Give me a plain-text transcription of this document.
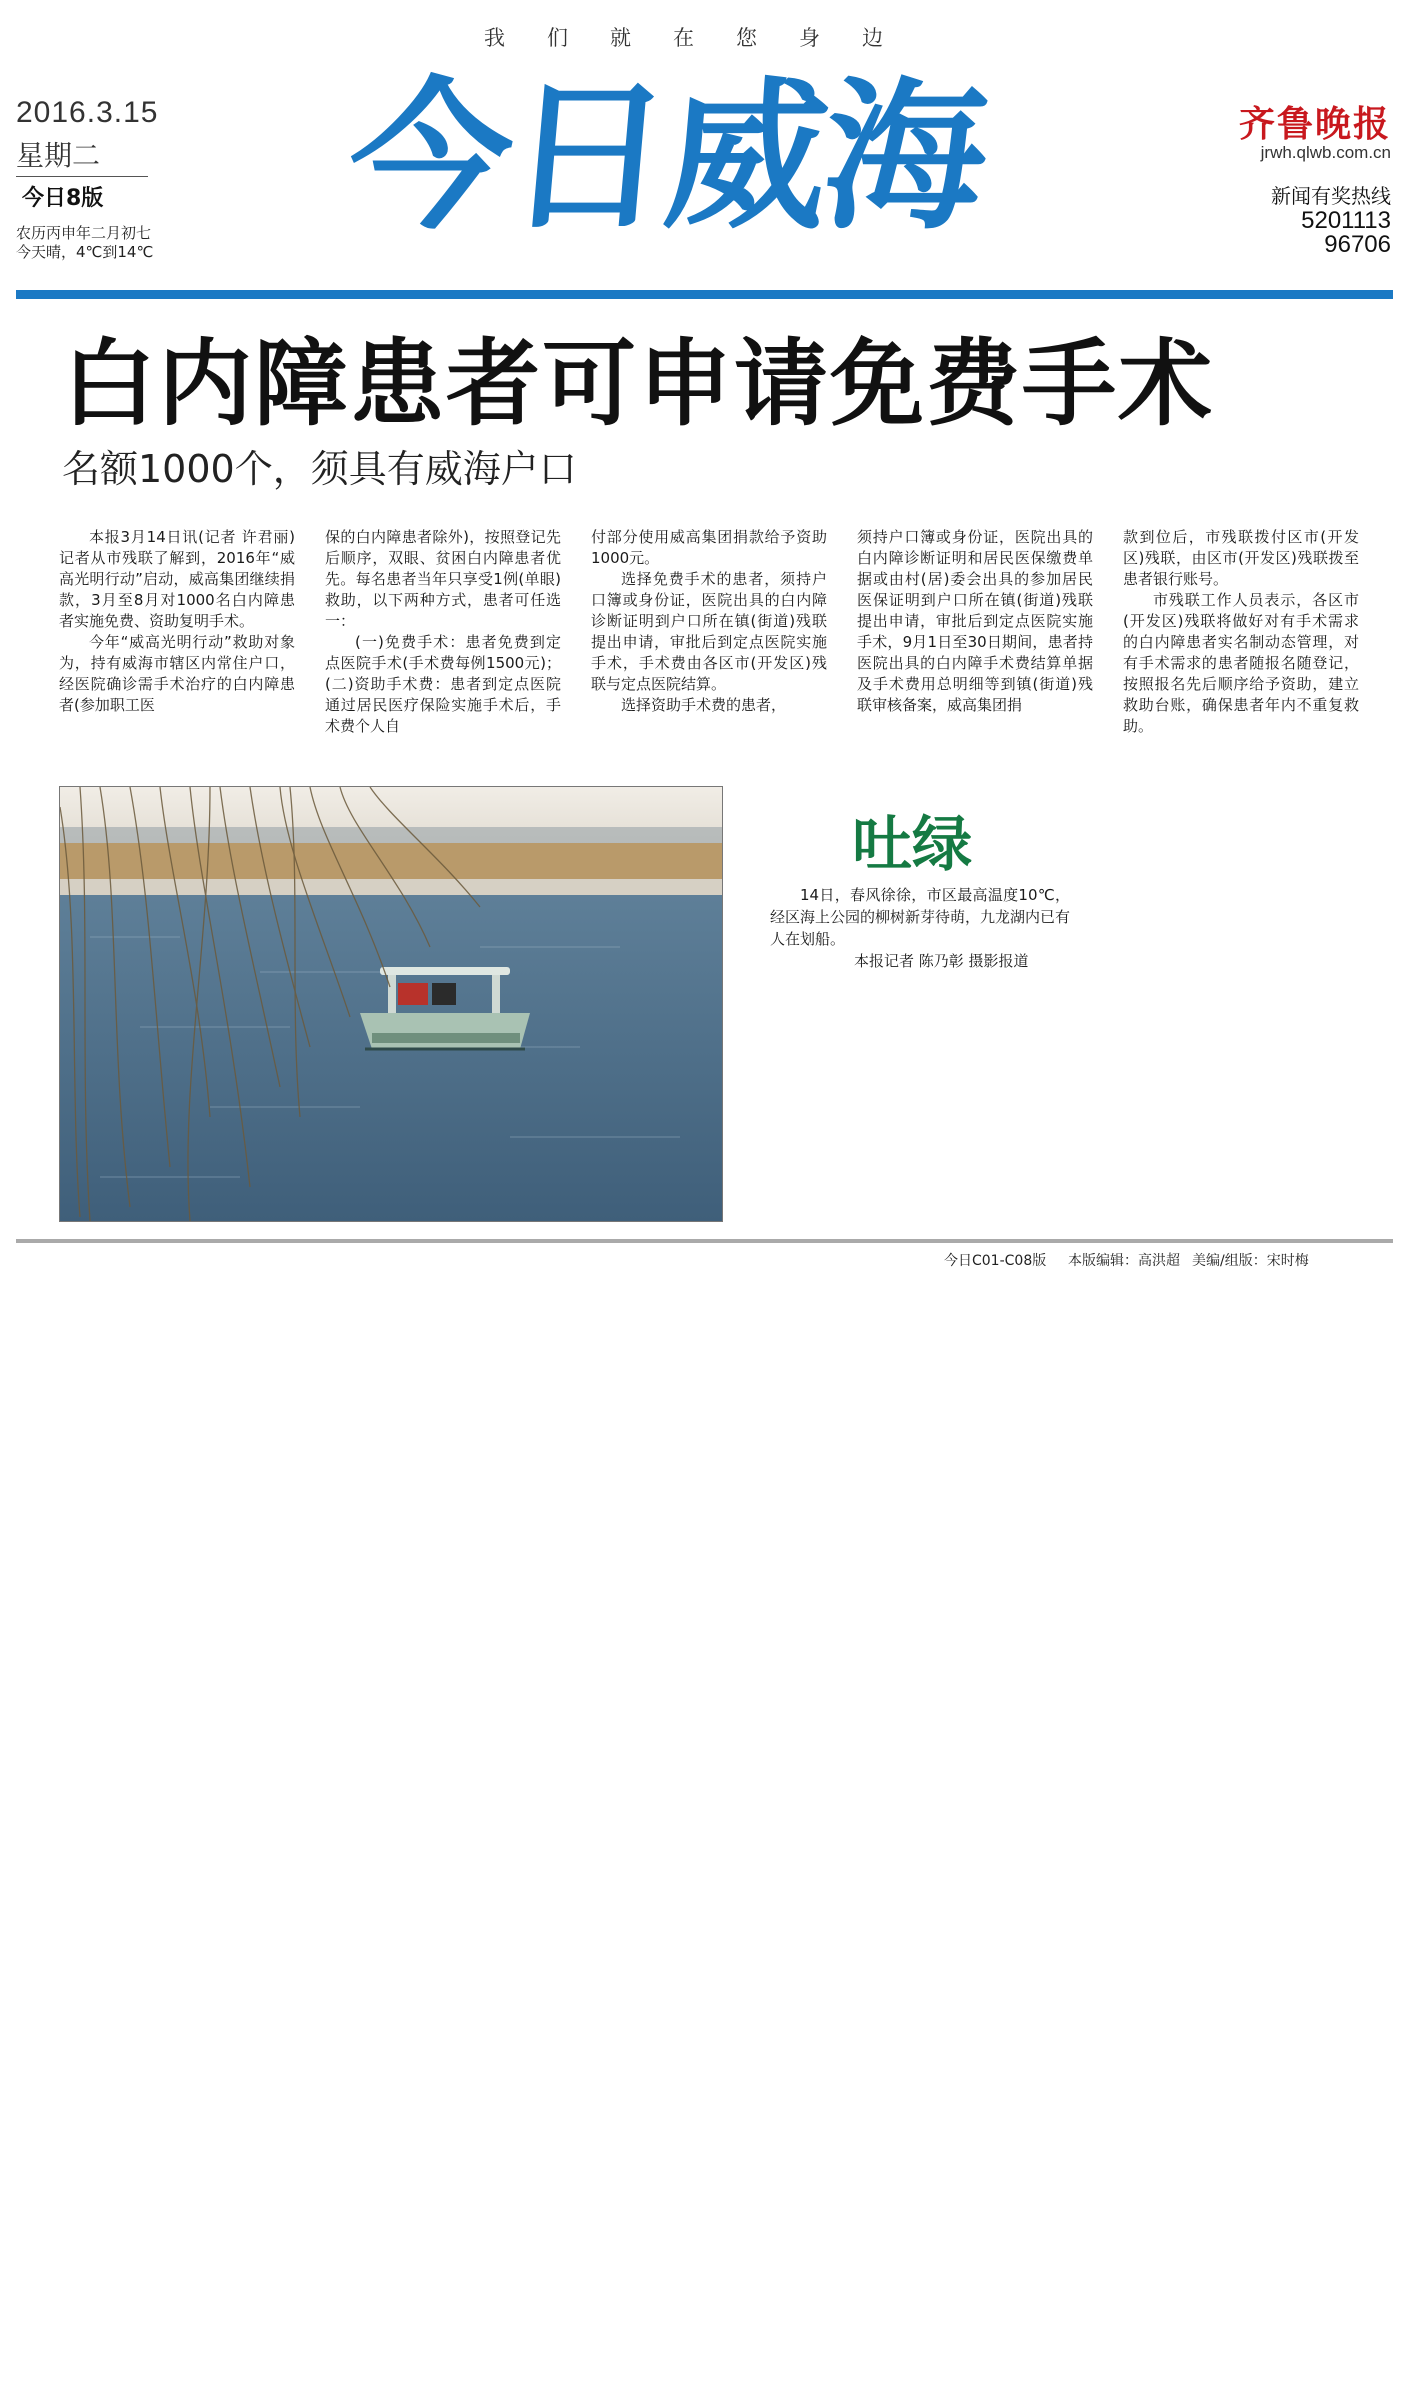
我们就在您身边
2016.3.15
星期二
今日8版
农历丙申年二月初七
今天晴，4℃到14℃ 今日威海	齐鲁晚报
jrwh.qlwb.com.cn
新闻有奖热线
5201113
96706
白内障患者可申请免费手术
名额1000个，须具有威海户口

本报3月14日讯(记者 许君丽) 记者从市残联了解到，2016年“威高光明行动”启动，威高集团继续捐款，3月至8月对1000名白内障患者实施免费、资助复明手术。

今年“威高光明行动”救助对象为，持有威海市辖区内常住户口，经医院确诊需手术治疗的白内障患者(参加职工医

保的白内障患者除外)，按照登记先后顺序，双眼、贫困白内障患者优先。每名患者当年只享受1例(单眼)救助，以下两种方式，患者可任选一：

(一)免费手术：患者免费到定点医院手术(手术费每例1500元)；(二)资助手术费：患者到定点医院通过居民医疗保险实施手术后，手术费个人自

付部分使用威高集团捐款给予资助1000元。

选择免费手术的患者，须持户口簿或身份证，医院出具的白内障诊断证明到户口所在镇(街道)残联提出申请，审批后到定点医院实施手术，手术费由各区市(开发区)残联与定点医院结算。

选择资助手术费的患者，

须持户口簿或身份证，医院出具的白内障诊断证明和居民医保缴费单据或由村(居)委会出具的参加居民医保证明到户口所在镇(街道)残联提出申请，审批后到定点医院实施手术，9月1日至30日期间，患者持医院出具的白内障手术费结算单据及手术费用总明细等到镇(街道)残联审核备案，威高集团捐

款到位后，市残联拨付区市(开发区)残联，由区市(开发区)残联拨至患者银行账号。

市残联工作人员表示，各区市(开发区)残联将做好对有手术需求的白内障患者实名制动态管理，对有手术需求的患者随报名随登记，按照报名先后顺序给予资助，建立救助台账，确保患者年内不重复救助。

吐绿

14日，春风徐徐，市区最高温度10℃，经区海上公园的柳树新芽待萌，九龙湖内已有人在划船。

本报记者 陈乃彰 摄影报道

今日C01-C08版 本版编辑：高洪超 美编/组版：宋时梅
